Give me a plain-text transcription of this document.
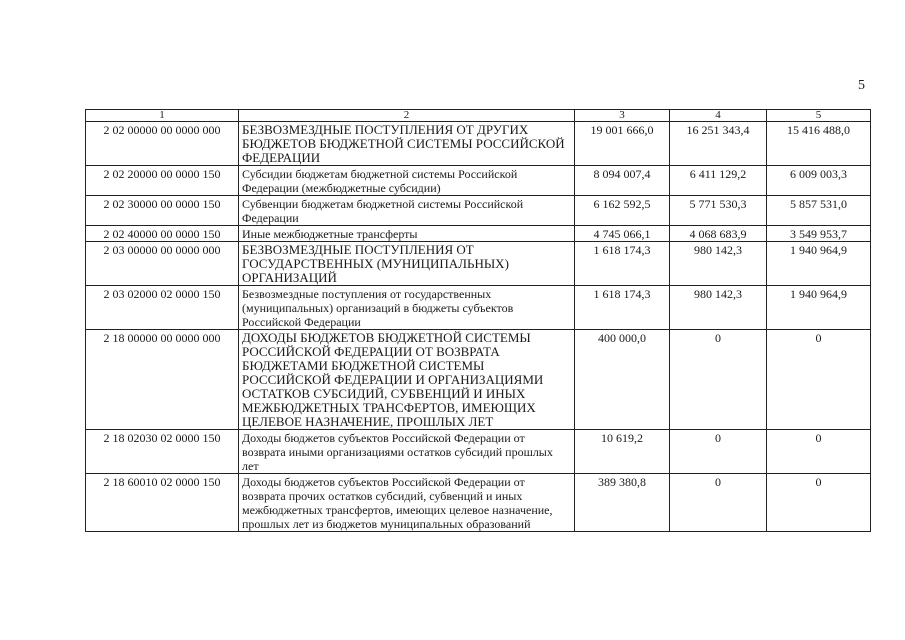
5
1	2	3	4	5
2 02 00000 00 0000 000	БЕЗВОЗМЕЗДНЫЕ ПОСТУПЛЕНИЯ ОТ ДРУГИХ БЮДЖЕТОВ БЮДЖЕТНОЙ СИСТЕМЫ РОССИЙСКОЙ ФЕДЕРАЦИИ	19 001 666,0	16 251 343,4	15 416 488,0
2 02 20000 00 0000 150	Субсидии бюджетам бюджетной системы Российской Федерации (межбюджетные субсидии)	8 094 007,4	6 411 129,2	6 009 003,3
2 02 30000 00 0000 150	Субвенции бюджетам бюджетной системы Российской Федерации	6 162 592,5	5 771 530,3	5 857 531,0
2 02 40000 00 0000 150	Иные межбюджетные трансферты	4 745 066,1	4 068 683,9	3 549 953,7
2 03 00000 00 0000 000	БЕЗВОЗМЕЗДНЫЕ ПОСТУПЛЕНИЯ ОТ ГОСУДАРСТВЕННЫХ (МУНИЦИПАЛЬНЫХ) ОРГАНИЗАЦИЙ	1 618 174,3	980 142,3	1 940 964,9
2 03 02000 02 0000 150	Безвозмездные поступления от государственных (муниципальных) организаций в бюджеты субъектов Российской Федерации	1 618 174,3	980 142,3	1 940 964,9
2 18 00000 00 0000 000	ДОХОДЫ БЮДЖЕТОВ БЮДЖЕТНОЙ СИСТЕМЫ РОССИЙСКОЙ ФЕДЕРАЦИИ ОТ ВОЗВРАТА БЮДЖЕТАМИ БЮДЖЕТНОЙ СИСТЕМЫ РОССИЙСКОЙ ФЕДЕРАЦИИ И ОРГАНИЗАЦИЯМИ ОСТАТКОВ СУБСИДИЙ, СУБВЕНЦИЙ И ИНЫХ МЕЖБЮДЖЕТНЫХ ТРАНСФЕРТОВ, ИМЕЮЩИХ ЦЕЛЕВОЕ НАЗНАЧЕНИЕ, ПРОШЛЫХ ЛЕТ	400 000,0	0	0
2 18 02030 02 0000 150	Доходы бюджетов субъектов Российской Федерации от возврата иными организациями остатков субсидий прошлых лет	10 619,2	0	0
2 18 60010 02 0000 150	Доходы бюджетов субъектов Российской Федерации от возврата прочих остатков субсидий, субвенций и иных межбюджетных трансфертов, имеющих целевое назначение, прошлых лет из бюджетов муниципальных образований	389 380,8	0	0
